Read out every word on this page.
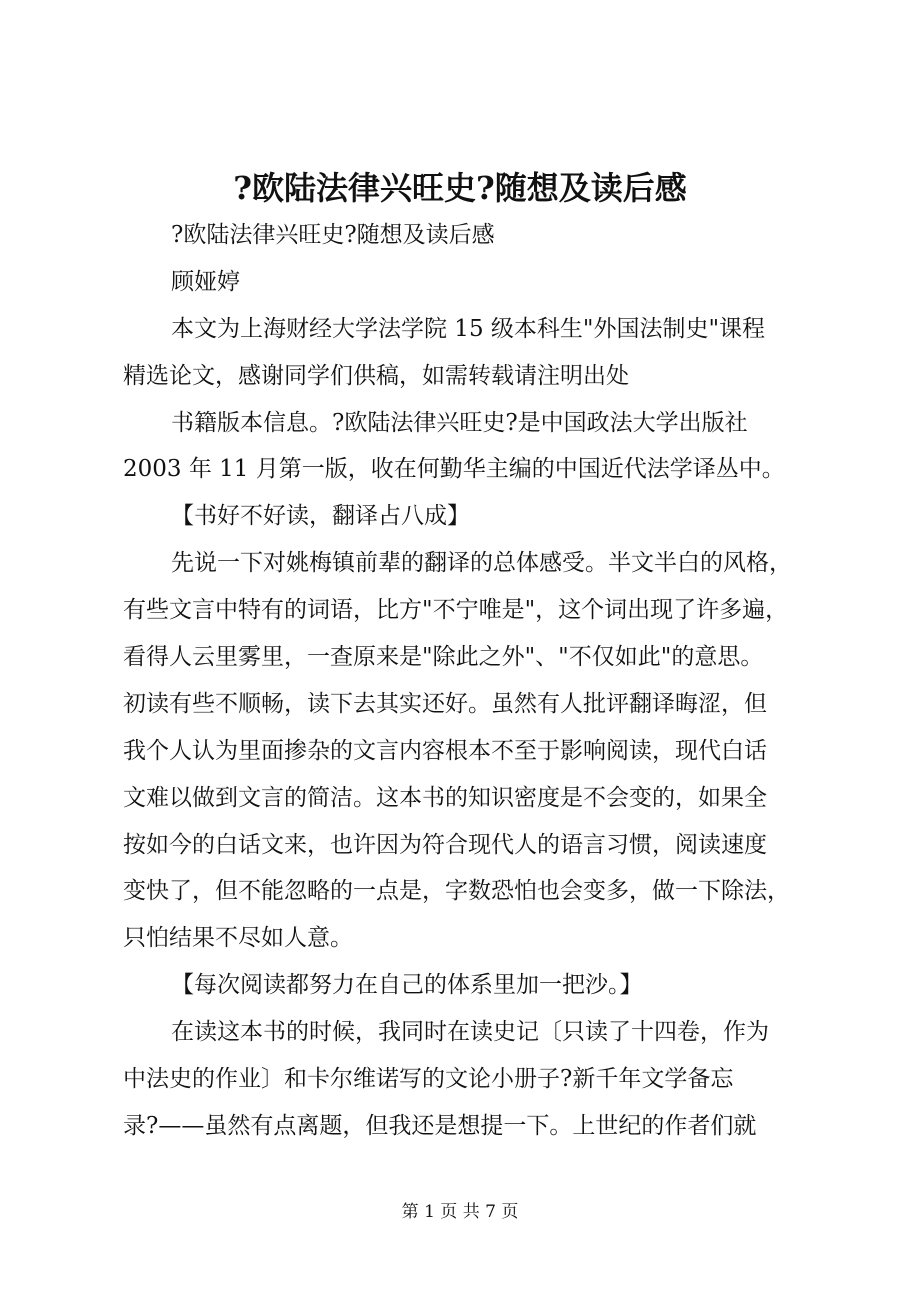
?欧陆法律兴旺史?随想及读后感
?欧陆法律兴旺史?随想及读后感
顾娅婷
本文为上海财经大学法学院 15 级本科生"外国法制史"课程
精选论文，感谢同学们供稿，如需转载请注明出处
书籍版本信息。?欧陆法律兴旺史?是中国政法大学出版社
2003 年 11 月第一版，收在何勤华主编的中国近代法学译丛中。
【书好不好读，翻译占八成】
先说一下对姚梅镇前辈的翻译的总体感受。半文半白的风格，
有些文言中特有的词语，比方"不宁唯是"，这个词出现了许多遍，
看得人云里雾里，一查原来是"除此之外"、"不仅如此"的意思。
初读有些不顺畅，读下去其实还好。虽然有人批评翻译晦涩，但
我个人认为里面掺杂的文言内容根本不至于影响阅读，现代白话
文难以做到文言的简洁。这本书的知识密度是不会变的，如果全
按如今的白话文来，也许因为符合现代人的语言习惯，阅读速度
变快了，但不能忽略的一点是，字数恐怕也会变多，做一下除法，
只怕结果不尽如人意。
【每次阅读都努力在自己的体系里加一把沙。】
在读这本书的时候，我同时在读史记〔只读了十四卷，作为
中法史的作业〕和卡尔维诺写的文论小册子?新千年文学备忘
录?——虽然有点离题，但我还是想提一下。上世纪的作者们就
第 1 页 共 7 页
